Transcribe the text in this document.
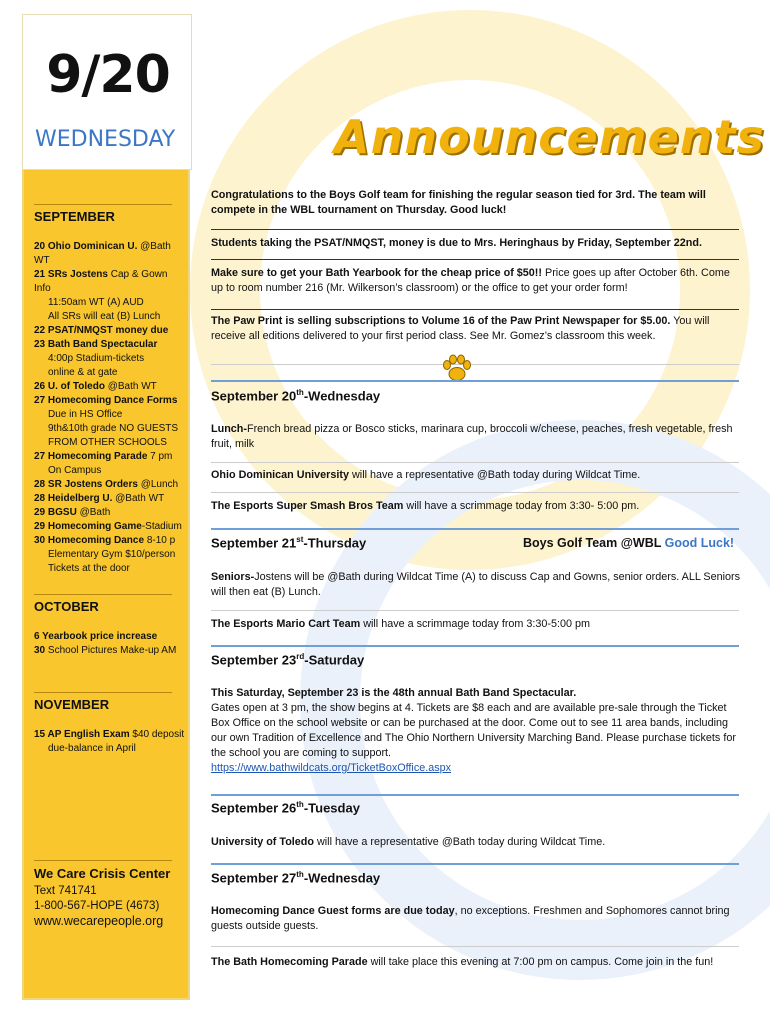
9/20
WEDNESDAY
SEPTEMBER
20 Ohio Dominican U. @Bath WT
21 SRs Jostens Cap & Gown Info
11:50am WT (A) AUD
All SRs will eat (B) Lunch
22 PSAT/NMQST money due
23 Bath Band Spectacular
4:00p Stadium-tickets
online & at gate
26 U. of Toledo @Bath WT
27 Homecoming Dance Forms
Due in HS Office
9th&10th grade NO GUESTS
FROM OTHER SCHOOLS
27 Homecoming Parade 7 pm
On Campus
28 SR Jostens Orders @Lunch
28 Heidelberg U. @Bath WT
29 BGSU @Bath
29 Homecoming Game-Stadium
30 Homecoming Dance 8-10 p
Elementary Gym $10/person
Tickets at the door
OCTOBER
6 Yearbook price increase
30 School Pictures Make-up AM
NOVEMBER
15 AP English Exam $40 deposit
due-balance in April
We Care Crisis Center
Text 741741
1-800-567-HOPE (4673)
www.wecarepeople.org
Announcements
Congratulations to the Boys Golf team for finishing the regular season tied for 3rd. The team will compete in the WBL tournament on Thursday. Good luck!
Students taking the PSAT/NMQST, money is due to Mrs. Heringhaus by Friday, September 22nd.
Make sure to get your Bath Yearbook for the cheap price of $50!! Price goes up after October 6th. Come up to room number 216 (Mr. Wilkerson’s classroom) or the office to get your order form!
The Paw Print is selling subscriptions to Volume 16 of the Paw Print Newspaper for $5.00. You will receive all editions delivered to your first period class. See Mr. Gomez’s classroom this week.
September 20th-Wednesday
Lunch-French bread pizza or Bosco sticks, marinara cup, broccoli w/cheese, peaches, fresh vegetable, fresh fruit, milk
Ohio Dominican University will have a representative @Bath today during Wildcat Time.
The Esports Super Smash Bros Team will have a scrimmage today from 3:30- 5:00 pm.
September 21st-Thursday	Boys Golf Team @WBL Good Luck!
Seniors-Jostens will be @Bath during Wildcat Time (A) to discuss Cap and Gowns, senior orders. ALL Seniors will then eat (B) Lunch.
The Esports Mario Cart Team will have a scrimmage today from 3:30-5:00 pm
September 23rd-Saturday
This Saturday, September 23 is the 48th annual Bath Band Spectacular.
Gates open at 3 pm, the show begins at 4. Tickets are $8 each and are available pre-sale through the Ticket Box Office on the school website or can be purchased at the door. Come out to see 11 area bands, including our own Tradition of Excellence and The Ohio Northern University Marching Band. Please purchase tickets for the school you are coming to support.
https://www.bathwildcats.org/TicketBoxOffice.aspx
September 26th-Tuesday
University of Toledo will have a representative @Bath today during Wildcat Time.
September 27th-Wednesday
Homecoming Dance Guest forms are due today, no exceptions. Freshmen and Sophomores cannot bring guests outside guests.
The Bath Homecoming Parade will take place this evening at 7:00 pm on campus. Come join in the fun!
